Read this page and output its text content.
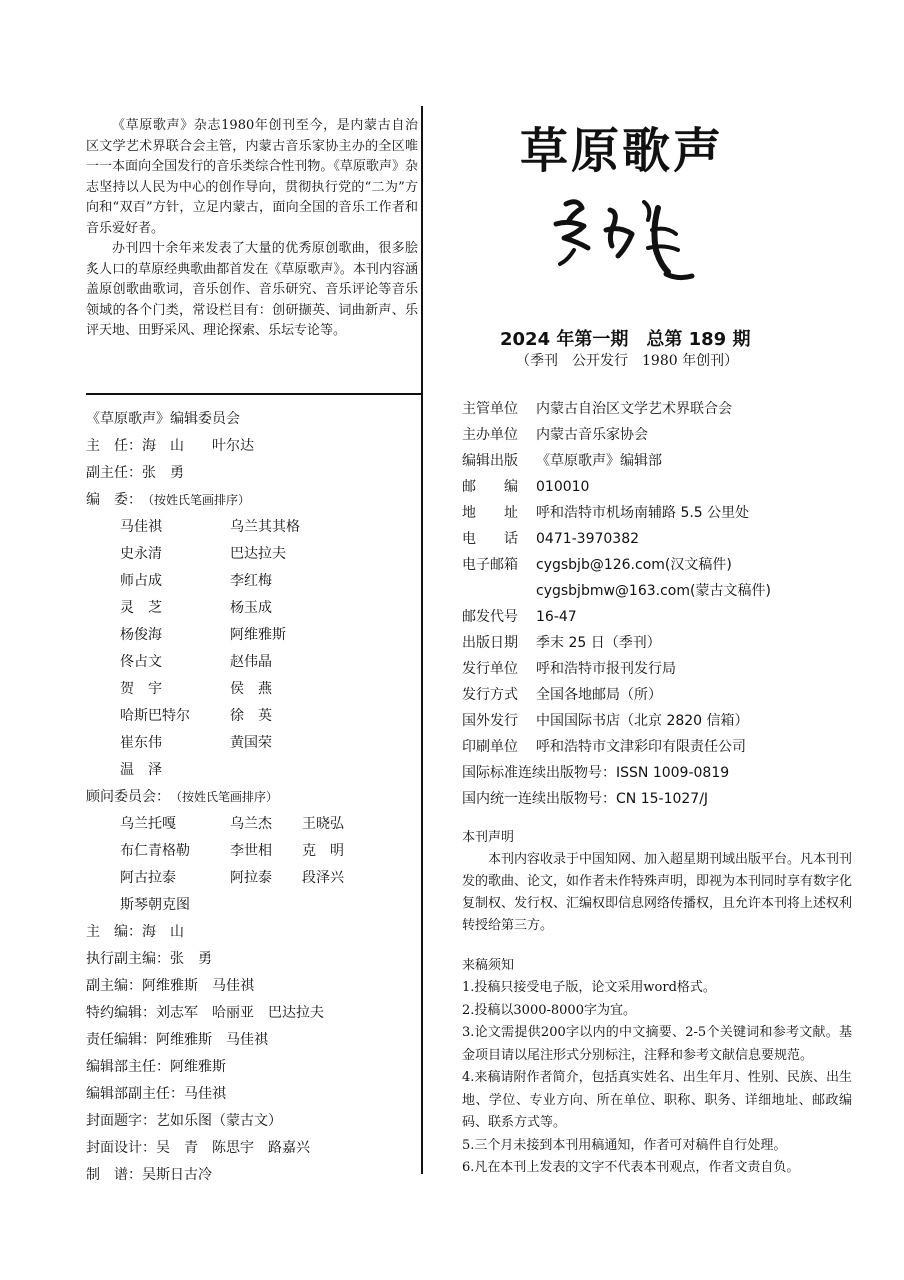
《草原歌声》杂志1980年创刊至今，是内蒙古自治区文学艺术界联合会主管，内蒙古音乐家协主办的全区唯一一本面向全国发行的音乐类综合性刊物。《草原歌声》杂志坚持以人民为中心的创作导向，贯彻执行党的“二为”方向和“双百”方针，立足内蒙古，面向全国的音乐工作者和音乐爱好者。

办刊四十余年来发表了大量的优秀原创歌曲，很多脍炙人口的草原经典歌曲都首发在《草原歌声》。本刊内容涵盖原创歌曲歌词，音乐创作、音乐研究、音乐评论等音乐领域的各个门类，常设栏目有：创研撷英、词曲新声、乐评天地、田野采风、理论探索、乐坛专论等。

《草原歌声》编辑委员会
主　任：海　山　　叶尔达
副主任：张　勇
编　委：（按姓氏笔画排序）
马佳祺	乌兰其其格
史永清	巴达拉夫
师占成	李红梅
灵　芝	杨玉成
杨俊海	阿维雅斯
佟占文	赵伟晶
贺　宇	侯　燕
哈斯巴特尔	徐　英
崔东伟	黄国荣
温　泽
顾问委员会：（按姓氏笔画排序）
乌兰托嘎	乌兰杰 王晓弘
布仁青格勒	李世相 克　明
阿古拉泰	阿拉泰 段泽兴
斯琴朝克图
主　编：海　山
执行副主编：张　勇
副主编：阿维雅斯　马佳祺
特约编辑：刘志军　哈丽亚　巴达拉夫
责任编辑：阿维雅斯　马佳祺
编辑部主任：阿维雅斯
编辑部副主任：马佳祺
封面题字：艺如乐图（蒙古文）
封面设计：吴　青　陈思宇　路嘉兴
制　谱：吴斯日古冷
草原歌声
2024 年第一期　总第 189 期
（季刊　公开发行　1980 年创刊）
主管单位 内蒙古自治区文学艺术界联合会
主办单位 内蒙古音乐家协会
编辑出版 《草原歌声》编辑部
邮　　编 010010
地　　址 呼和浩特市机场南辅路 5.5 公里处
电　　话 0471-3970382
电子邮箱 cygsbjb@126.com(汉文稿件)
cygsbjbmw@163.com(蒙古文稿件)
邮发代号 16-47
出版日期 季末 25 日（季刊）
发行单位 呼和浩特市报刊发行局
发行方式 全国各地邮局（所）
国外发行 中国国际书店（北京 2820 信箱）
印刷单位 呼和浩特市文津彩印有限责任公司
国际标准连续出版物号：ISSN 1009-0819
国内统一连续出版物号：CN 15-1027/J
本刊声明

本刊内容收录于中国知网、加入超星期刊域出版平台。凡本刊刊发的歌曲、论文，如作者未作特殊声明，即视为本刊同时享有数字化复制权、发行权、汇编权即信息网络传播权，且允许本刊将上述权利转授给第三方。

来稿须知

1.投稿只接受电子版，论文采用word格式。

2.投稿以3000-8000字为宜。

3.论文需提供200字以内的中文摘要、2-5个关键词和参考文献。基金项目请以尾注形式分别标注，注释和参考文献信息要规范。

4.来稿请附作者简介，包括真实姓名、出生年月、性别、民族、出生地、学位、专业方向、所在单位、职称、职务、详细地址、邮政编码、联系方式等。

5.三个月未接到本刊用稿通知，作者可对稿件自行处理。

6.凡在本刊上发表的文字不代表本刊观点，作者文责自负。
